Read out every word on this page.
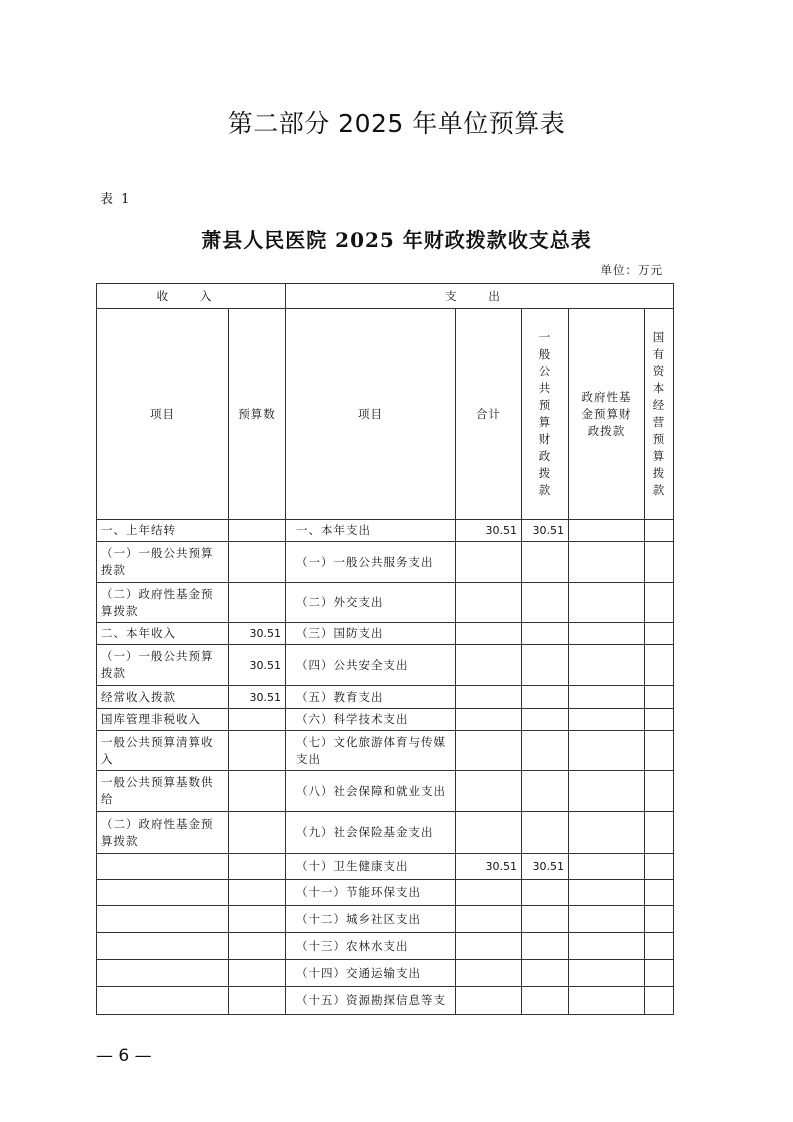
第二部分 2025 年单位预算表
表 1
萧县人民医院 2025 年财政拨款收支总表
单位：万元
收 入		支 出				
项目	预算数	项目	合计	一般公共预算财政拨款	政府性基金预算财政拨款	国有资本经营预算拨款
一、上年结转		一、本年支出	30.51	30.51		
（一）一般公共预算拨款		（一）一般公共服务支出				
（二）政府性基金预算拨款		（二）外交支出				
二、本年收入	30.51	（三）国防支出				
（一）一般公共预算拨款	30.51	（四）公共安全支出				
经常收入拨款	30.51	（五）教育支出				
国库管理非税收入		（六）科学技术支出				
一般公共预算清算收入		（七）文化旅游体育与传媒支出				
一般公共预算基数供给		（八）社会保障和就业支出				
（二）政府性基金预算拨款		（九）社会保险基金支出				
		（十）卫生健康支出	30.51	30.51		
		（十一）节能环保支出				
		（十二）城乡社区支出				
		（十三）农林水支出				
		（十四）交通运输支出				
		（十五）资源勘探信息等支				
— 6 —
